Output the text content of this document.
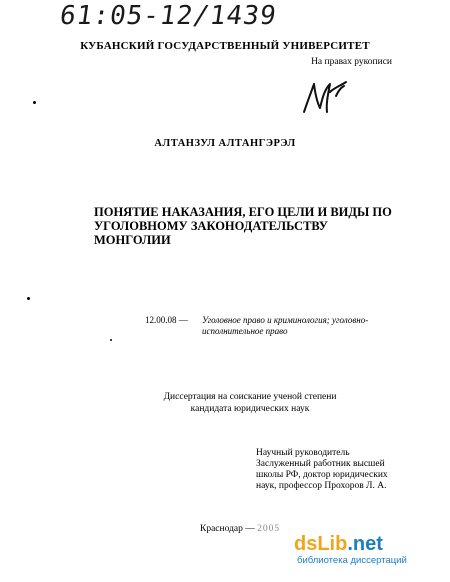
61:05-12/1439
КУБАНСКИЙ ГОСУДАРСТВЕННЫЙ УНИВЕРСИТЕТ
На правах рукописи
АЛТАНЗУЛ АЛТАНГЭРЭЛ
ПОНЯТИЕ НАКАЗАНИЯ, ЕГО ЦЕЛИ И ВИДЫ ПО
УГОЛОВНОМУ ЗАКОНОДАТЕЛЬСТВУ
МОНГОЛИИ
12.00.08 — Уголовное право и криминология; уголовно-исполнительное право
Диссертация на соискание ученой степени
кандидата юридических наук
Научный руководитель
Заслуженный работник высшей
школы РФ, доктор юридических
наук, профессор Прохоров Л. А.
Краснодар — 2005
dsLib.net
библиотека диссертаций
